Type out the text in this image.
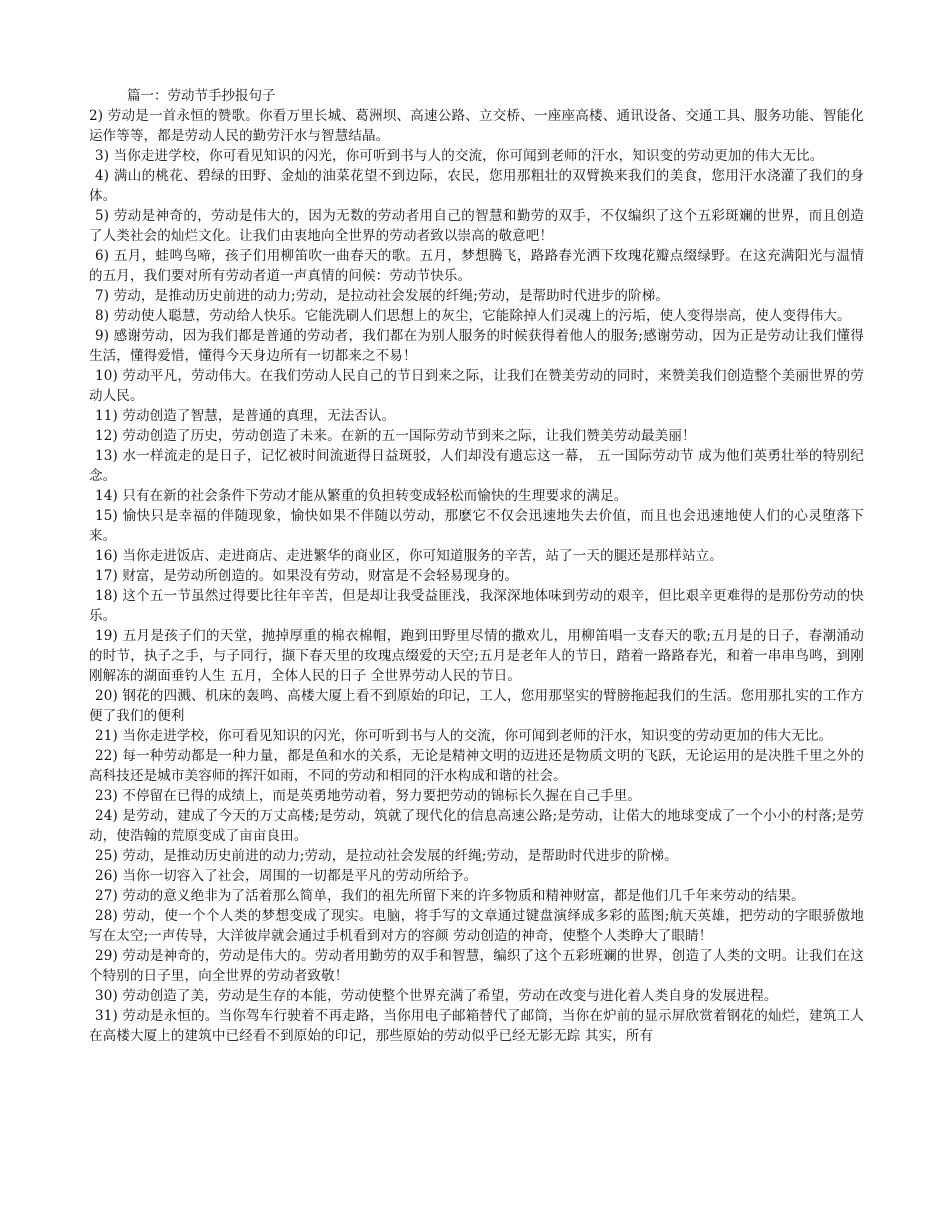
篇一：劳动节手抄报句子
2) 劳动是一首永恒的赞歌。你看万里长城、葛洲坝、高速公路、立交桥、一座座高楼、通讯设备、交通工具、服务功能、智能化运作等等，都是劳动人民的勤劳汗水与智慧结晶。
3) 当你走进学校，你可看见知识的闪光，你可听到书与人的交流，你可闻到老师的汗水，知识变的劳动更加的伟大无比。
4) 满山的桃花、碧绿的田野、金灿的油菜花望不到边际，农民，您用那粗壮的双臂换来我们的美食，您用汗水浇灌了我们的身体。
5) 劳动是神奇的，劳动是伟大的，因为无数的劳动者用自己的智慧和勤劳的双手，不仅编织了这个五彩斑斓的世界，而且创造了人类社会的灿烂文化。让我们由衷地向全世界的劳动者致以崇高的敬意吧！
6) 五月，蛙鸣鸟啼，孩子们用柳笛吹一曲春天的歌。五月，梦想腾飞，路路春光洒下玫瑰花瓣点缀绿野。在这充满阳光与温情的五月，我们要对所有劳动者道一声真情的问候：劳动节快乐。
7) 劳动，是推动历史前进的动力;劳动，是拉动社会发展的纤绳;劳动，是帮助时代进步的阶梯。
8) 劳动使人聪慧，劳动给人快乐。它能洗刷人们思想上的灰尘，它能除掉人们灵魂上的污垢，使人变得崇高，使人变得伟大。
9) 感谢劳动，因为我们都是普通的劳动者，我们都在为别人服务的时候获得着他人的服务;感谢劳动，因为正是劳动让我们懂得生活，懂得爱惜，懂得今天身边所有一切都来之不易！
10) 劳动平凡，劳动伟大。在我们劳动人民自己的节日到来之际，让我们在赞美劳动的同时，来赞美我们创造整个美丽世界的劳动人民。
11) 劳动创造了智慧，是普通的真理，无法否认。
12) 劳动创造了历史，劳动创造了未来。在新的五一国际劳动节到来之际，让我们赞美劳动最美丽！
13) 水一样流走的是日子，记忆被时间流逝得日益斑驳，人们却没有遗忘这一幕， 五一国际劳动节 成为他们英勇壮举的特别纪念。
14) 只有在新的社会条件下劳动才能从繁重的负担转变成轻松而愉快的生理要求的满足。
15) 愉快只是幸福的伴随现象，愉快如果不伴随以劳动，那麽它不仅会迅速地失去价值，而且也会迅速地使人们的心灵堕落下来。
16) 当你走进饭店、走进商店、走进繁华的商业区，你可知道服务的辛苦，站了一天的腿还是那样站立。
17) 财富，是劳动所创造的。如果没有劳动，财富是不会轻易现身的。
18) 这个五一节虽然过得要比往年辛苦，但是却让我受益匪浅，我深深地体味到劳动的艰辛，但比艰辛更难得的是那份劳动的快乐。
19) 五月是孩子们的天堂，抛掉厚重的棉衣棉帽，跑到田野里尽情的撒欢儿，用柳笛唱一支春天的歌;五月是的日子，春潮涌动的时节，执子之手，与子同行，撷下春天里的玫瑰点缀爱的天空;五月是老年人的节日，踏着一路路春光，和着一串串鸟鸣，到刚刚解冻的湖面垂钓人生 五月，全体人民的日子 全世界劳动人民的节日。
20) 钢花的四溅、机床的轰鸣、高楼大厦上看不到原始的印记，工人，您用那坚实的臂膀拖起我们的生活。您用那扎实的工作方便了我们的便利
21) 当你走进学校，你可看见知识的闪光，你可听到书与人的交流，你可闻到老师的汗水，知识变的劳动更加的伟大无比。
22) 每一种劳动都是一种力量，都是鱼和水的关系，无论是精神文明的迈进还是物质文明的飞跃，无论运用的是决胜千里之外的高科技还是城市美容师的挥汗如雨，不同的劳动和相同的汗水构成和谐的社会。
23) 不停留在已得的成绩上，而是英勇地劳动着，努力要把劳动的锦标长久握在自己手里。
24) 是劳动，建成了今天的万丈高楼;是劳动，筑就了现代化的信息高速公路;是劳动，让偌大的地球变成了一个小小的村落;是劳动，使浩翰的荒原变成了亩亩良田。
25) 劳动，是推动历史前进的动力;劳动，是拉动社会发展的纤绳;劳动，是帮助时代进步的阶梯。
26) 当你一切容入了社会，周围的一切都是平凡的劳动所给予。
27) 劳动的意义绝非为了活着那么简单，我们的祖先所留下来的许多物质和精神财富，都是他们几千年来劳动的结果。
28) 劳动，使一个个人类的梦想变成了现实。电脑，将手写的文章通过键盘演绎成多彩的蓝图;航天英雄，把劳动的字眼骄傲地写在太空;一声传导，大洋彼岸就会通过手机看到对方的容颜 劳动创造的神奇，使整个人类睁大了眼睛！
29) 劳动是神奇的，劳动是伟大的。劳动者用勤劳的双手和智慧，编织了这个五彩班斓的世界，创造了人类的文明。让我们在这个特别的日子里，向全世界的劳动者致敬！
30) 劳动创造了美，劳动是生存的本能，劳动使整个世界充满了希望，劳动在改变与进化着人类自身的发展进程。
31) 劳动是永恒的。当你驾车行驶着不再走路，当你用电子邮箱替代了邮筒，当你在炉前的显示屏欣赏着钢花的灿烂，建筑工人在高楼大厦上的建筑中已经看不到原始的印记，那些原始的劳动似乎已经无影无踪 其实，所有
